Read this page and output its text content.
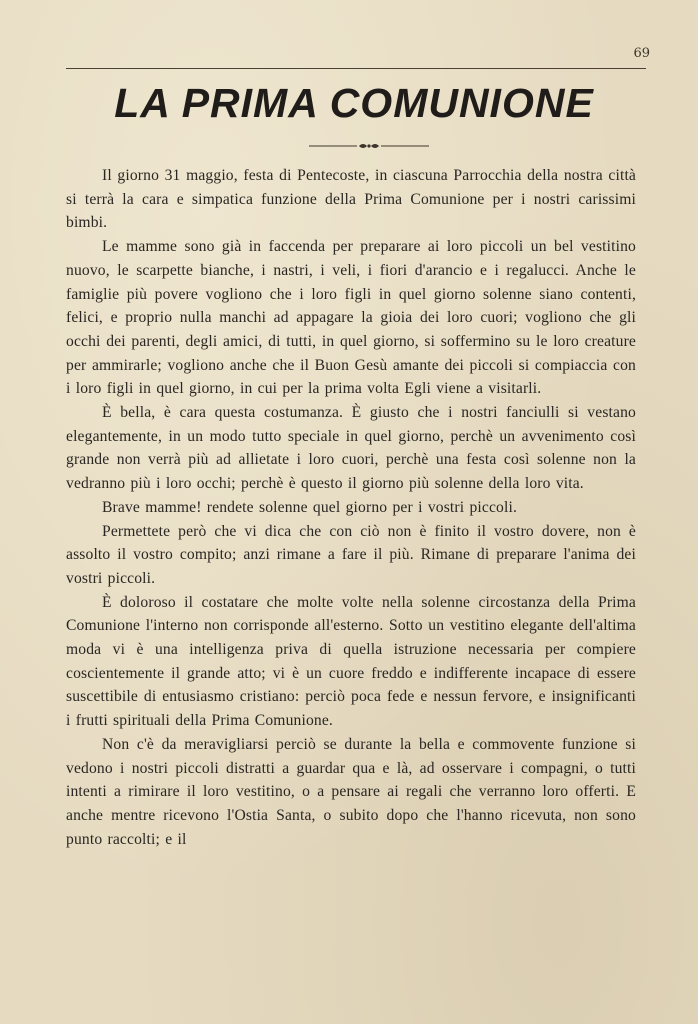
69
LA PRIMA COMUNIONE

Il giorno 31 maggio, festa di Pentecoste, in ciascuna Parrocchia della nostra città si terrà la cara e simpatica funzione della Prima Comunione per i nostri carissimi bimbi.

Le mamme sono già in faccenda per preparare ai loro piccoli un bel vestitino nuovo, le scarpette bianche, i nastri, i veli, i fiori d'arancio e i regalucci. Anche le famiglie più povere vogliono che i loro figli in quel giorno solenne siano contenti, felici, e proprio nulla manchi ad appagare la gioia dei loro cuori; vogliono che gli occhi dei parenti, degli amici, di tutti, in quel giorno, si soffermino su le loro creature per ammirarle; vogliono anche che il Buon Gesù amante dei piccoli si compiaccia con i loro figli in quel giorno, in cui per la prima volta Egli viene a visitarli.

È bella, è cara questa costumanza. È giusto che i nostri fanciulli si vestano elegantemente, in un modo tutto speciale in quel giorno, perchè un avvenimento così grande non verrà più ad allietate i loro cuori, perchè una festa così solenne non la vedranno più i loro occhi; perchè è questo il giorno più solenne della loro vita.

Brave mamme! rendete solenne quel giorno per i vostri piccoli.

Permettete però che vi dica che con ciò non è finito il vostro dovere, non è assolto il vostro compito; anzi rimane a fare il più. Rimane di preparare l'anima dei vostri piccoli.

È doloroso il costatare che molte volte nella solenne circostanza della Prima Comunione l'interno non corrisponde all'esterno. Sotto un vestitino elegante dell'altima moda vi è una intelligenza priva di quella istruzione necessaria per compiere coscientemente il grande atto; vi è un cuore freddo e indifferente incapace di essere suscettibile di entusiasmo cristiano: perciò poca fede e nessun fervore, e insignificanti i frutti spirituali della Prima Comunione.

Non c'è da meravigliarsi perciò se durante la bella e commovente funzione si vedono i nostri piccoli distratti a guardar qua e là, ad osservare i compagni, o tutti intenti a rimirare il loro vestitino, o a pensare ai regali che verranno loro offerti. E anche mentre ricevono l'Ostia Santa, o subito dopo che l'hanno ricevuta, non sono punto raccolti; e il
